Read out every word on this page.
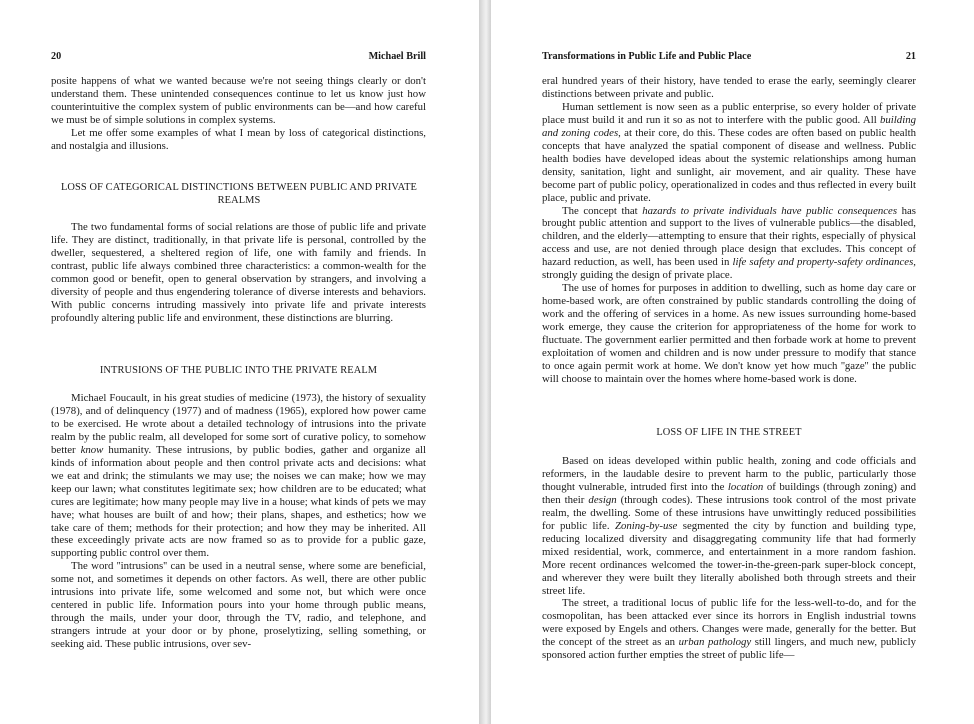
20	Michael Brill

posite happens of what we wanted because we're not seeing things clearly or don't understand them. These unintended consequences continue to let us know just how counterintuitive the complex system of public environments can be—and how careful we must be of simple solutions in complex systems.

Let me offer some examples of what I mean by loss of categorical distinctions, and nostalgia and illusions.

LOSS OF CATEGORICAL DISTINCTIONS BETWEEN PUBLIC AND PRIVATE REALMS

The two fundamental forms of social relations are those of public life and private life. They are distinct, traditionally, in that private life is personal, controlled by the dweller, sequestered, a sheltered region of life, one with family and friends. In contrast, public life always combined three characteristics: a common-wealth for the common good or benefit, open to general observation by strangers, and involving a diversity of people and thus engendering tolerance of diverse interests and behaviors. With public concerns intruding massively into private life and private interests profoundly altering public life and environment, these distinctions are blurring.

INTRUSIONS OF THE PUBLIC INTO THE PRIVATE REALM

Michael Foucault, in his great studies of medicine (1973), the history of sexuality (1978), and of delinquency (1977) and of madness (1965), explored how power came to be exercised. He wrote about a detailed technology of intrusions into the private realm by the public realm, all developed for some sort of curative policy, to somehow better know humanity. These intrusions, by public bodies, gather and organize all kinds of information about people and then control private acts and decisions: what we eat and drink; the stimulants we may use; the noises we can make; how we may keep our lawn; what constitutes legitimate sex; how children are to be educated; what cures are legitimate; how many people may live in a house; what kinds of pets we may have; what houses are built of and how; their plans, shapes, and esthetics; how we take care of them; methods for their protection; and how they may be inherited. All these exceedingly private acts are now framed so as to provide for a public gaze, supporting public control over them.

The word ''intrusions'' can be used in a neutral sense, where some are beneficial, some not, and sometimes it depends on other factors. As well, there are other public intrusions into private life, some welcomed and some not, but which were once centered in public life. Information pours into your home through public means, through the mails, under your door, through the TV, radio, and telephone, and strangers intrude at your door or by phone, proselytizing, selling something, or seeking aid. These public intrusions, over sev-

Transformations in Public Life and Public Place	21

eral hundred years of their history, have tended to erase the early, seemingly clearer distinctions between private and public.

Human settlement is now seen as a public enterprise, so every holder of private place must build it and run it so as not to interfere with the public good. All building and zoning codes, at their core, do this. These codes are often based on public health concepts that have analyzed the spatial component of disease and wellness. Public health bodies have developed ideas about the systemic relationships among human density, sanitation, light and sunlight, air movement, and air quality. These have become part of public policy, operationalized in codes and thus reflected in every built place, public and private.

The concept that hazards to private individuals have public consequences has brought public attention and support to the lives of vulnerable publics—the disabled, children, and the elderly—attempting to ensure that their rights, especially of physical access and use, are not denied through place design that excludes. This concept of hazard reduction, as well, has been used in life safety and property-safety ordinances, strongly guiding the design of private place.

The use of homes for purposes in addition to dwelling, such as home day care or home-based work, are often constrained by public standards controlling the doing of work and the offering of services in a home. As new issues surrounding home-based work emerge, they cause the criterion for appropriateness of the home for work to fluctuate. The government earlier permitted and then forbade work at home to prevent exploitation of women and children and is now under pressure to modify that stance to once again permit work at home. We don't know yet how much ''gaze'' the public will choose to maintain over the homes where home-based work is done.

LOSS OF LIFE IN THE STREET

Based on ideas developed within public health, zoning and code officials and reformers, in the laudable desire to prevent harm to the public, particularly those thought vulnerable, intruded first into the location of buildings (through zoning) and then their design (through codes). These intrusions took control of the most private realm, the dwelling. Some of these intrusions have unwittingly reduced possibilities for public life. Zoning-by-use segmented the city by function and building type, reducing localized diversity and disaggregating community life that had formerly mixed residential, work, commerce, and entertainment in a more random fashion. More recent ordinances welcomed the tower-in-the-green-park super-block concept, and wherever they were built they literally abolished both through streets and their street life.

The street, a traditional locus of public life for the less-well-to-do, and for the cosmopolitan, has been attacked ever since its horrors in English industrial towns were exposed by Engels and others. Changes were made, generally for the better. But the concept of the street as an urban pathology still lingers, and much new, publicly sponsored action further empties the street of public life—
